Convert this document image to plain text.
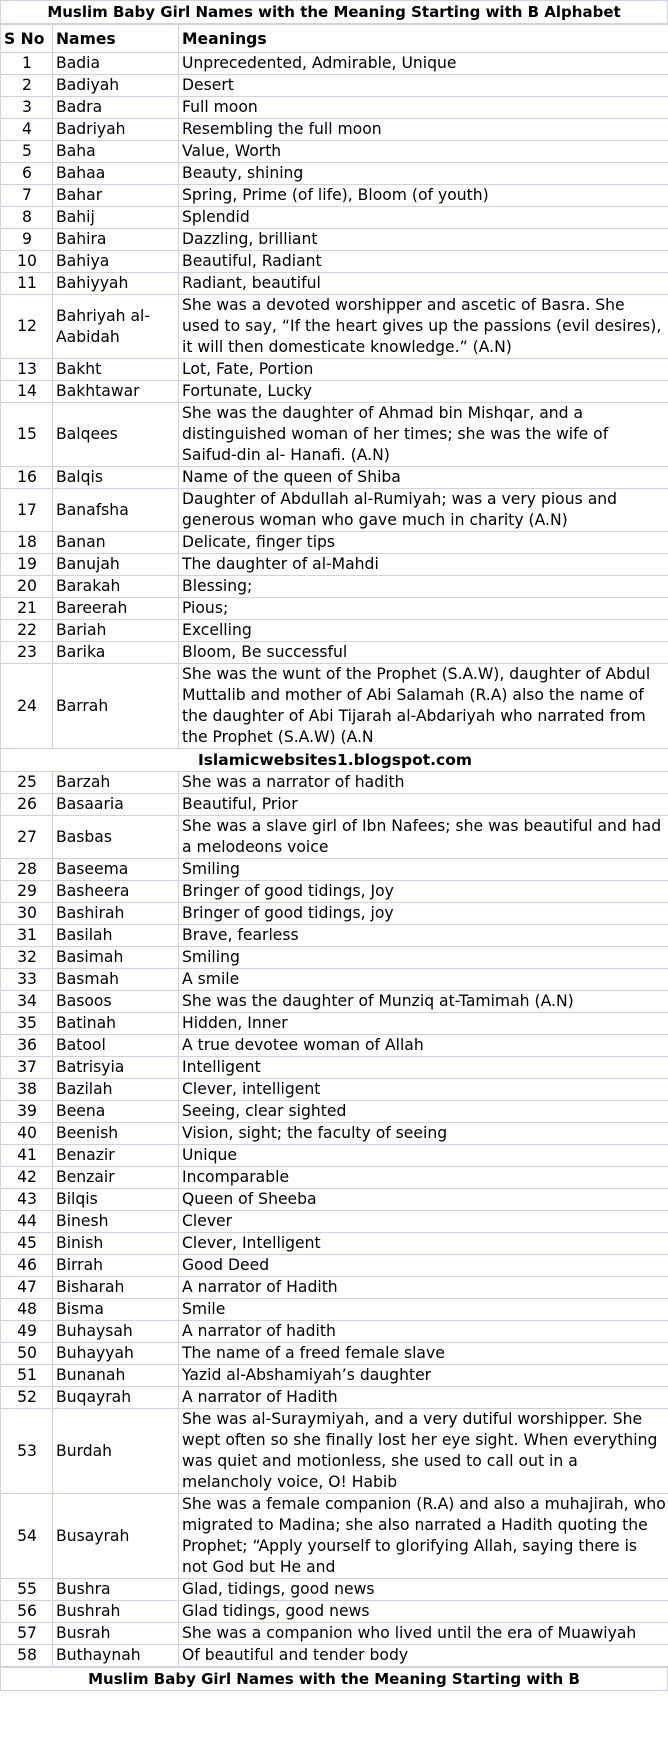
Muslim Baby Girl Names with the Meaning Starting with B Alphabet
S No	Names	Meanings
1	Badia	Unprecedented, Admirable, Unique
2	Badiyah	Desert
3	Badra	Full moon
4	Badriyah	Resembling the full moon
5	Baha	Value, Worth
6	Bahaa	Beauty, shining
7	Bahar	Spring, Prime (of life), Bloom (of youth)
8	Bahij	Splendid
9	Bahira	Dazzling, brilliant
10	Bahiya	Beautiful, Radiant
11	Bahiyyah	Radiant, beautiful
12	Bahriyah al-Aabidah	She was a devoted worshipper and ascetic of Basra. She used to say, “If the heart gives up the passions (evil desires), it will then domesticate knowledge.” (A.N)
13	Bakht	Lot, Fate, Portion
14	Bakhtawar	Fortunate, Lucky
15	Balqees	She was the daughter of Ahmad bin Mishqar, and a distinguished woman of her times; she was the wife of Saifud-din al- Hanafi. (A.N)
16	Balqis	Name of the queen of Shiba
17	Banafsha	Daughter of Abdullah al-Rumiyah; was a very pious and generous woman who gave much in charity (A.N)
18	Banan	Delicate, finger tips
19	Banujah	The daughter of al-Mahdi
20	Barakah	Blessing;
21	Bareerah	Pious;
22	Bariah	Excelling
23	Barika	Bloom, Be successful
24	Barrah	She was the wunt of the Prophet (S.A.W), daughter of Abdul Muttalib and mother of Abi Salamah (R.A) also the name of the daughter of Abi Tijarah al-Abdariyah who narrated from the Prophet (S.A.W) (A.N
Islamicwebsites1.blogspot.com		
25	Barzah	She was a narrator of hadith
26	Basaaria	Beautiful, Prior
27	Basbas	She was a slave girl of Ibn Nafees; she was beautiful and had a melodeons voice
28	Baseema	Smiling
29	Basheera	Bringer of good tidings, Joy
30	Bashirah	Bringer of good tidings, joy
31	Basilah	Brave, fearless
32	Basimah	Smiling
33	Basmah	A smile
34	Basoos	She was the daughter of Munziq at-Tamimah (A.N)
35	Batinah	Hidden, Inner
36	Batool	A true devotee woman of Allah
37	Batrisyia	Intelligent
38	Bazilah	Clever, intelligent
39	Beena	Seeing, clear sighted
40	Beenish	Vision, sight; the faculty of seeing
41	Benazir	Unique
42	Benzair	Incomparable
43	Bilqis	Queen of Sheeba
44	Binesh	Clever
45	Binish	Clever, Intelligent
46	Birrah	Good Deed
47	Bisharah	A narrator of Hadith
48	Bisma	Smile
49	Buhaysah	A narrator of hadith
50	Buhayyah	The name of a freed female slave
51	Bunanah	Yazid al-Abshamiyah’s daughter
52	Buqayrah	A narrator of Hadith
53	Burdah	She was al-Suraymiyah, and a very dutiful worshipper. She wept often so she finally lost her eye sight. When everything was quiet and motionless, she used to call out in a melancholy voice, O! Habib
54	Busayrah	She was a female companion (R.A) and also a muhajirah, who migrated to Madina; she also narrated a Hadith quoting the Prophet; “Apply yourself to glorifying Allah, saying there is not God but He and
55	Bushra	Glad, tidings, good news
56	Bushrah	Glad tidings, good news
57	Busrah	She was a companion who lived until the era of Muawiyah
58	Buthaynah	Of beautiful and tender body
Muslim Baby Girl Names with the Meaning Starting with B
